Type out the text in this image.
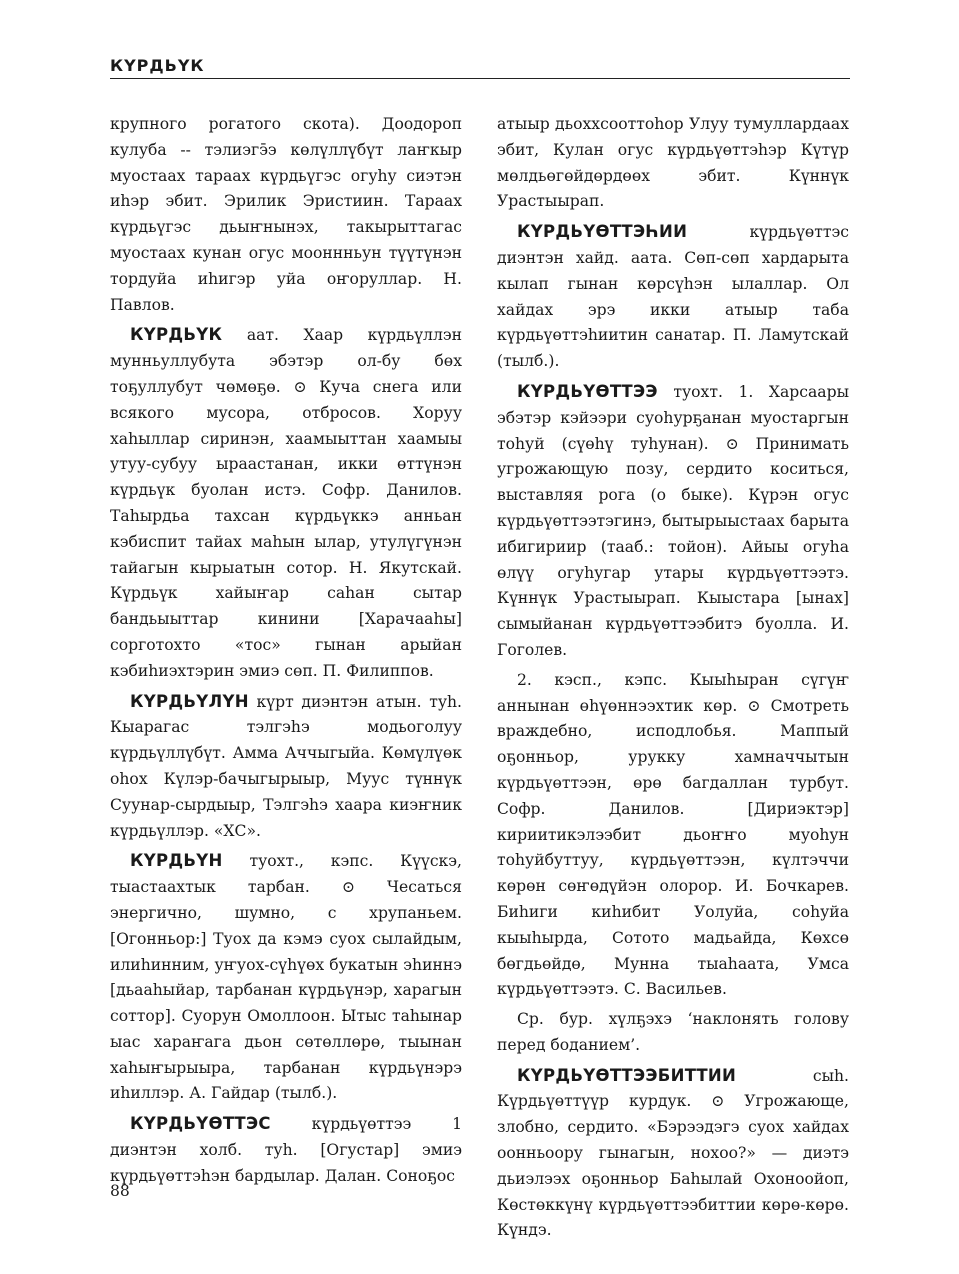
КҮРДЬҮК

крупного рогатого скота). Доодороп кулуба -- тэлиэгэ̄э көлүллүбүт лаҥкыр муостаах тараах күрдьүгэс огуһу сиэтэн иһэр эбит. Эрилик Эристиин. Тараах күрдьүгэс дьыҥнынэх, такырыттагас муостаах кунан огус мооннньун түүтүнэн тордуйа иһигэр уйа оҥоруллар. Н. Павлов.

КҮРДЬҮК аат. Хаар күрдьүллэн мунньуллубута эбэтэр ол-бу бөх тоҕуллубут чөмөҕө. ⊙ Куча снега или всякого мусора, отбросов. Хоруу хаһыллар сиринэн, хаамыыттан хаамыы утуу-субуу ыраастанан, икки өттүнэн күрдьүк буолан истэ. Софр. Данилов. Таһырдьа тахсан күрдьүккэ анньан кэбиспит тайах маһын ылар, утулүгүнэн тайагын кырыатын сотор. Н. Якутскай. Күрдьүк хайыҥар саһан сытар бандьыыттар кинини [Харачааһы] сорготохто «тос» гынан арыйан кэбиһиэхтэрин эмиэ сөп. П. Филиппов.

КҮРДЬҮЛҮН күрт диэнтэн атын. туһ. Кыарагас тэлгэһэ модьоголуу күрдьүллүбүт. Амма Аччыгыйа. Көмүлүөк оһох Күлэр-бачыгырыыр, Муус түннүк Суунар-сырдыыр, Тэлгэһэ хаара киэҥник күрдьүллэр. «ХС».

КҮРДЬҮН туохт., кэпс. Күүскэ, тыастаахтык тарбан. ⊙ Чесаться энергично, шумно, с хрупаньем. [Огонньор:] Туох да кэмэ суох сылайдым, илиһинним, уҥуох-сүһүөх букатын эһиннэ [дьааһыйар, тарбанан күрдьүнэр, харагын соттор]. Суорун Омоллоон. Ытыс таһынар ыас хараҥага дьон сөтөллөрө, тыынан хаһыҥырыыра, тарбанан күрдьүнэрэ иһиллэр. А. Гайдар (тылб.).

КҮРДЬҮӨТТЭС күрдьүөттээ 1 диэнтэн холб. туһ. [Огустар] эмиэ күрдьүөттэһэн бардылар. Далан. Соноҕос

атыыр дьоххсооттоһор Улуу тумуллардаах эбит, Кулан огус күрдьүөттэһэр Күтүр мөлдьөгөйдөрдөөх эбит. Күннүк Урастыырап.

КҮРДЬҮӨТТЭҺИИ күрдьүөттэс диэнтэн хайд. аата. Сөп-сөп хардарыта кылап гынан көрсүһэн ылаллар. Ол хайдах эрэ икки атыыр таба күрдьүөттэһиитин санатар. П. Ламутскай (тылб.).

КҮРДЬҮӨТТЭЭ туохт. 1. Харсаары эбэтэр кэйээри суоһурҕанан муостаргын тоһуй (сүөһү туһунан). ⊙ Принимать угрожающую позу, сердито коситься, выставляя рога (о быке). Күрэн огус күрдьүөттээтэгинэ, бытырыыстаах барыта ибигириир (тааб.: тойон). Айыы огуһа өлүү огуһугар утары күрдьүөттээтэ. Күннүк Урастыырап. Кыыстара [ынах] сымыйанан күрдьүөттээбитэ буолла. И. Гоголев.

2. кэсп., кэпс. Кыыһыран сүгүҥ аннынан өһүөннээхтик көр. ⊙ Смотреть враждебно, исподлобья. Маппый оҕонньор, урукку хамначчытын күрдьүөттээн, өрө багдаллан турбут. Софр. Данилов. [Дириэктэр] кириитикэлээбит дьоҥҥо муоһун тоһуйбуттуу, күрдьүөттээн, күлтэччи көрөн сөҥөдүйэн олорор. И. Бочкарев. Биһиги киһибит Уолуйа, соһуйа кыыһырда, Сотото мадьайда, Көхсө бөгдьөйдө, Мунна тыаһаата, Умса күрдьүөттээтэ. С. Васильев.

Ср. бур. хүлҕэхэ ‘наклонять голову перед боданием’.

КҮРДЬҮӨТТЭЭБИТТИИ сыһ. Күрдьүөттүүр курдук. ⊙ Угрожающе, злобно, сердито. «Бэрээдэгэ суох хайдах оонньоору гынагын, нохоо?» — диэтэ дьиэлээх оҕонньор Баһылай Охоноойоп, Көстөккүнү күрдьүөттээбиттии көрө-көрө. Күндэ.

88
